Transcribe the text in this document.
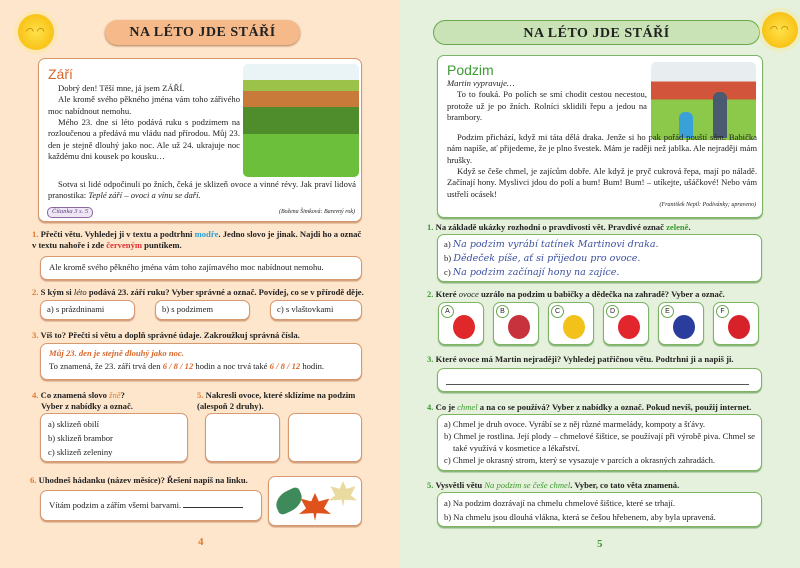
◠ ◠	NA LÉTO JDE STÁŘÍ
Září

Dobrý den! Těší mne, já jsem ZÁŘÍ.

Ale kromě svého pěkného jména vám toho zářivého moc nabídnout nemohu.

Mého 23. dne si léto podává ruku s podzimem na rozloučenou a předává mu vládu nad přírodou. Můj 23. den je stejně dlouhý jako noc. Ale už 24. ukrajuje noc každému dni kousek po kousku…

Sotva si lidé odpočinuli po žních, čeká je sklizeň ovoce a vinné révy. Jak praví lidová pranostika: Teplé září – ovoci a vínu se daří.

Čítanka 3 s. 5	(Božena Šimková: Barevný rok)
1. Přečti větu. Vyhledej ji v textu a podtrhni modře. Jedno slovo je jinak. Najdi ho a označ v textu nahoře i zde červeným puntíkem.
Ale kromě svého pěkného jména vám toho zajímavého moc nabídnout nemohu.
2. S kým si léto podává 23. září ruku? Vyber správné a označ. Povídej, co se v přírodě děje.
a) s prázdninami	b) s podzimem	c) s vlaštovkami
3. Víš to? Přečti si větu a doplň správné údaje. Zakroužkuj správná čísla.
Můj 23. den je stejně dlouhý jako noc.
To znamená, že 23. září trvá den 6 / 8 / 12 hodin a noc trvá také 6 / 8 / 12 hodin.
4. Co znamená slovo žně?
Vyber z nabídky a označ.
a) sklizeň obilí
b) sklizeň brambor
c) sklizeň zeleniny
5. Nakresli ovoce, které sklízíme na podzim (alespoň 2 druhy).
6. Uhodneš hádanku (název měsíce)? Řešení napiš na linku.
Vítám podzim a zářím všemi barvami.
4
◠ ◠
NA LÉTO JDE STÁŘÍ
Podzim
Martin vypravuje…

To to fouká. Po polích se smí chodit cestou necestou, protože už je po žních. Rolníci sklidili řepu a jedou na brambory.

Podzim přichází, když mi táta dělá draka. Jenže si ho pak pořád pouští sám. Babička nám napíše, ať přijedeme, že je plno švestek. Mám je raději než jablka. Ale nejraději mám hrušky.

Když se češe chmel, je zajícům dobře. Ale když je pryč cukrová řepa, mají po náladě. Začínají hony. Myslivci jdou do polí a bum! Bum! Bum! – utíkejte, ušáčkové! Nebo vám ustřelí ocásek!

(František Nepil: Podivánky; upraveno)
1. Na základě ukázky rozhodni o pravdivosti vět. Pravdivé označ zeleně.
a) Na podzim vyrábí tatínek Martinovi draka.
b) Dědeček píše, ať si přijedou pro ovoce.
c) Na podzim začínají hony na zajíce.
2. Které ovoce uzrálo na podzim u babičky a dědečka na zahradě? Vyber a označ.
A	B	C	D	E	F
3. Které ovoce má Martin nejraději? Vyhledej patřičnou větu. Podtrhni ji a napiš ji.
4. Co je chmel a na co se používá? Vyber z nabídky a označ. Pokud nevíš, použij internet.
a) Chmel je druh ovoce. Vyrábí se z něj různé marmelády, kompoty a šťávy.
b) Chmel je rostlina. Její plody – chmelové šištice, se používají při výrobě piva. Chmel se také využívá v kosmetice a lékařství.
c) Chmel je okrasný strom, který se vysazuje v parcích a okrasných zahradách.
5. Vysvětli větu Na podzim se češe chmel. Vyber, co tato věta znamená.
a) Na podzim dozrávají na chmelu chmelové šištice, které se trhají.
b) Na chmelu jsou dlouhá vlákna, která se češou hřebenem, aby byla upravená.
5
